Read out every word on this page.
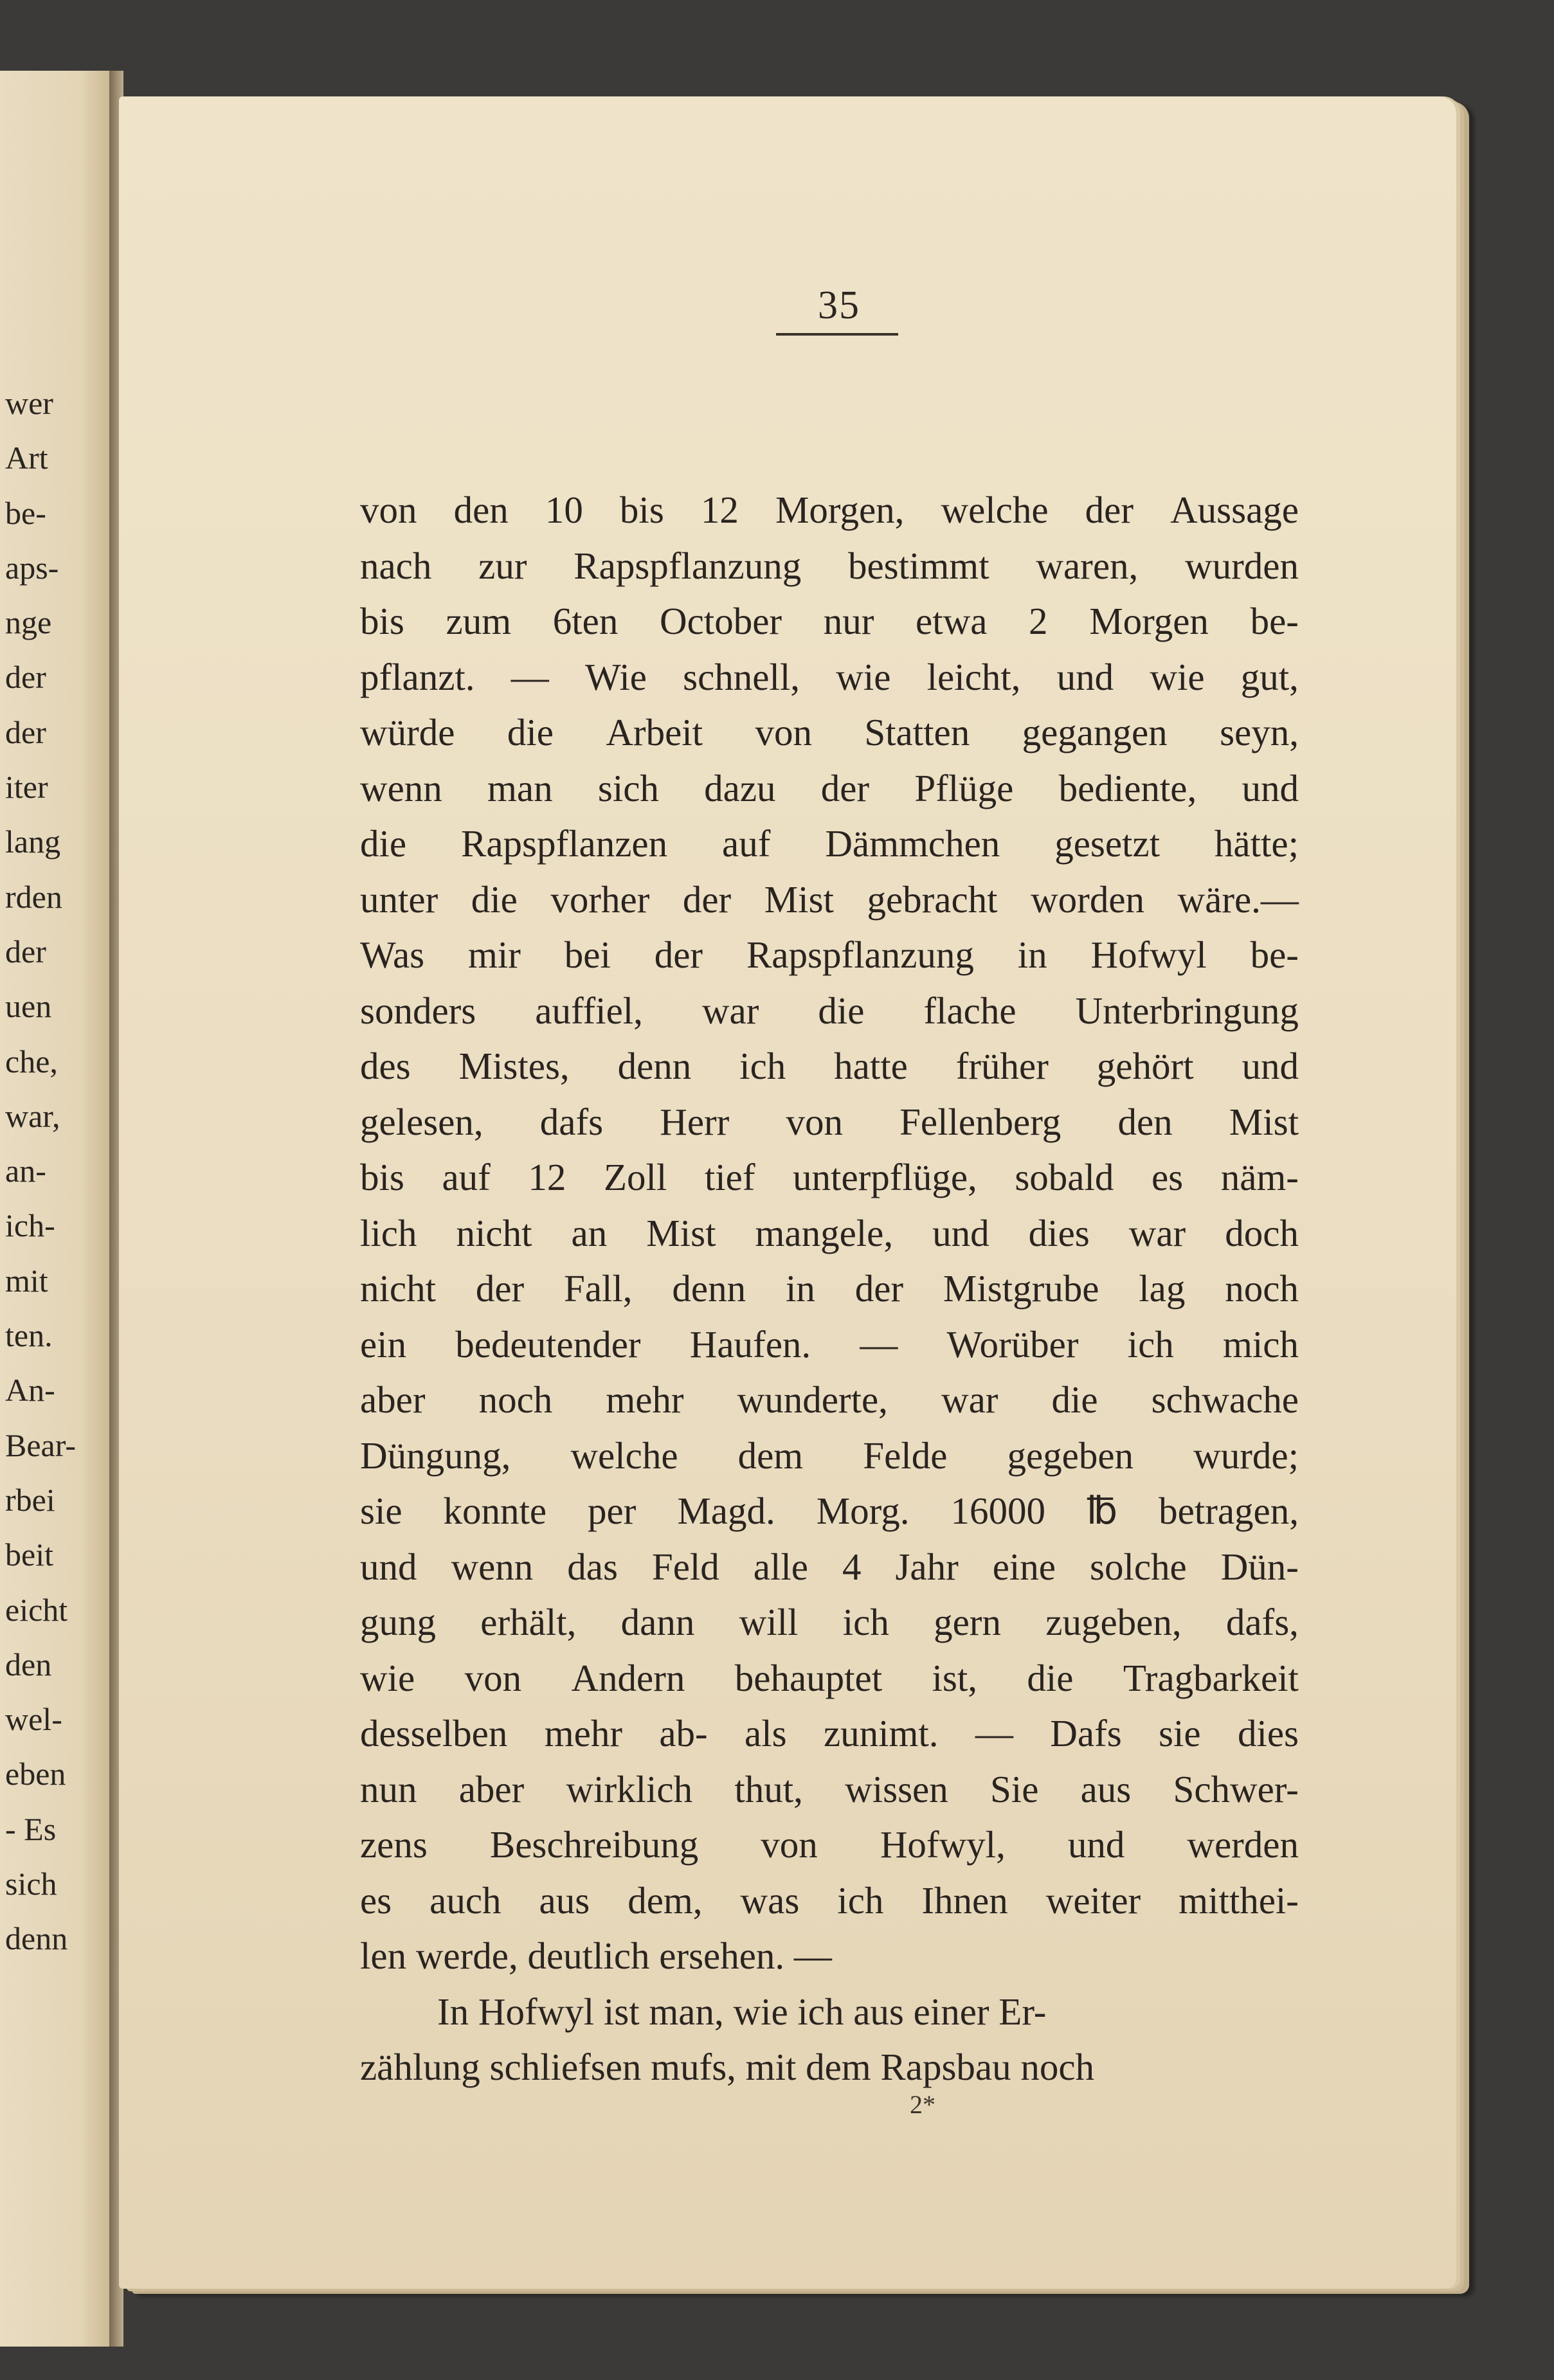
wer
Art
be-
aps-
nge
der
der
iter
lang
rden
der
uen
che,
war,
an-
ich-
mit
ten.
An-
Bear-
rbei
beit
eicht
den
wel-
eben
- Es
sich
denn
35
von den 10 bis 12 Morgen, welche der Aussage
nach zur Rapspflanzung bestimmt waren, wurden
bis zum 6ten October nur etwa 2 Morgen be-
pflanzt. — Wie schnell, wie leicht, und wie gut,
würde die Arbeit von Statten gegangen seyn,
wenn man sich dazu der Pflüge bediente, und
die Rapspflanzen auf Dämmchen gesetzt hätte;
unter die vorher der Mist gebracht worden wäre.—
Was mir bei der Rapspflanzung in Hofwyl be-
sonders auffiel, war die flache Unterbringung
des Mistes, denn ich hatte früher gehört und
gelesen, dafs Herr von Fellenberg den Mist
bis auf 12 Zoll tief unterpflüge, sobald es näm-
lich nicht an Mist mangele, und dies war doch
nicht der Fall, denn in der Mistgrube lag noch
ein bedeutender Haufen. — Worüber ich mich
aber noch mehr wunderte, war die schwache
Düngung, welche dem Felde gegeben wurde;
sie konnte per Magd. Morg. 16000 ℔ betragen,
und wenn das Feld alle 4 Jahr eine solche Dün-
gung erhält, dann will ich gern zugeben, dafs,
wie von Andern behauptet ist, die Tragbarkeit
desselben mehr ab- als zunimt. — Dafs sie dies
nun aber wirklich thut, wissen Sie aus Schwer-
zens Beschreibung von Hofwyl, und werden
es auch aus dem, was ich Ihnen weiter mitthei-
len werde, deutlich ersehen. —
In Hofwyl ist man, wie ich aus einer Er-
zählung schliefsen mufs, mit dem Rapsbau noch
2*
